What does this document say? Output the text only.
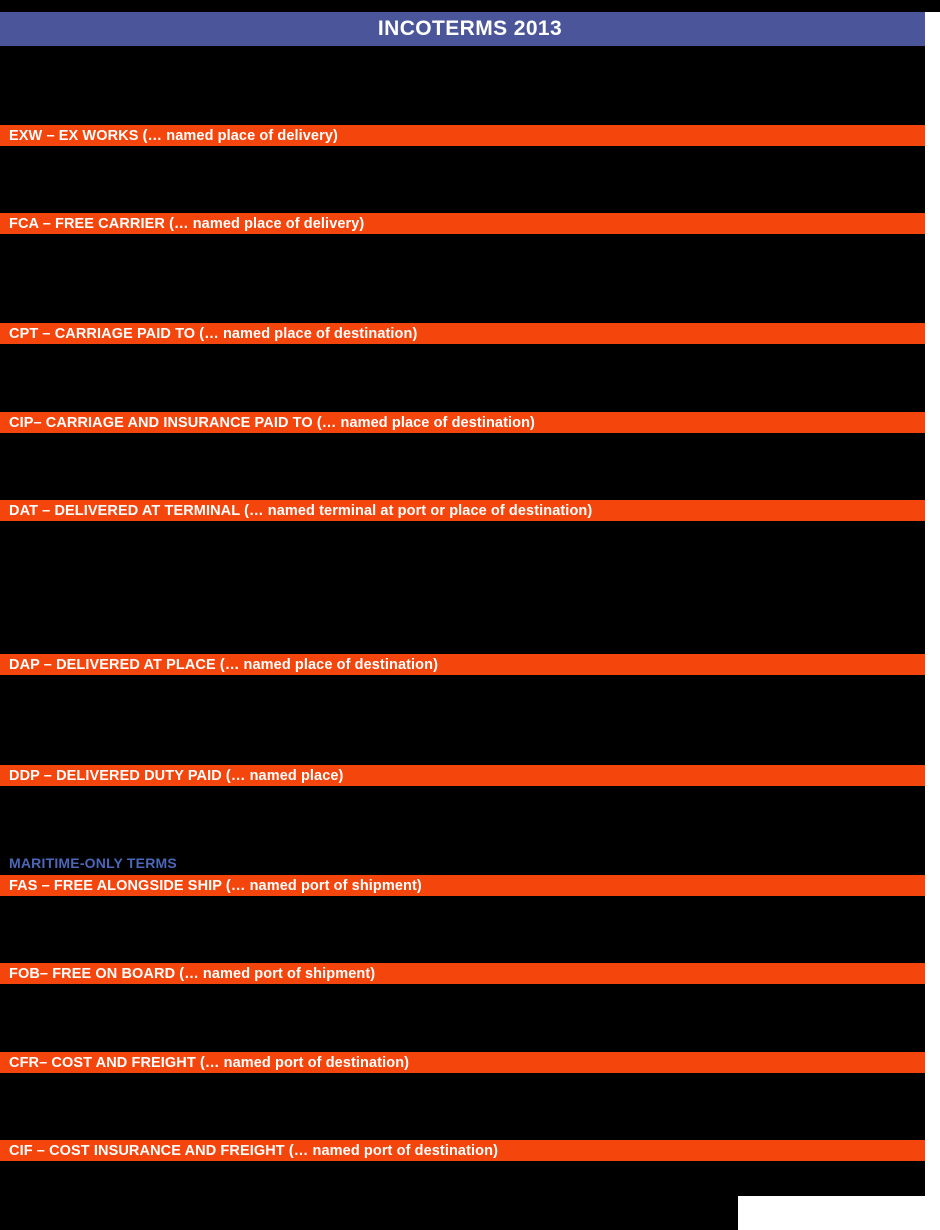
INCOTERMS 2013
EXW – EX WORKS (… named place of delivery)
FCA – FREE CARRIER (… named place of delivery)
CPT – CARRIAGE PAID TO (… named place of destination)
CIP– CARRIAGE AND INSURANCE PAID TO (… named place of destination)
DAT – DELIVERED AT TERMINAL (… named terminal at port or place of destination)
DAP – DELIVERED AT PLACE (… named place of destination)
DDP – DELIVERED DUTY PAID (… named place)
MARITIME-ONLY TERMS
FAS – FREE ALONGSIDE SHIP (… named port of shipment)
FOB– FREE ON BOARD (… named port of shipment)
CFR– COST AND FREIGHT (… named port of destination)
CIF – COST INSURANCE AND FREIGHT (… named port of destination)
